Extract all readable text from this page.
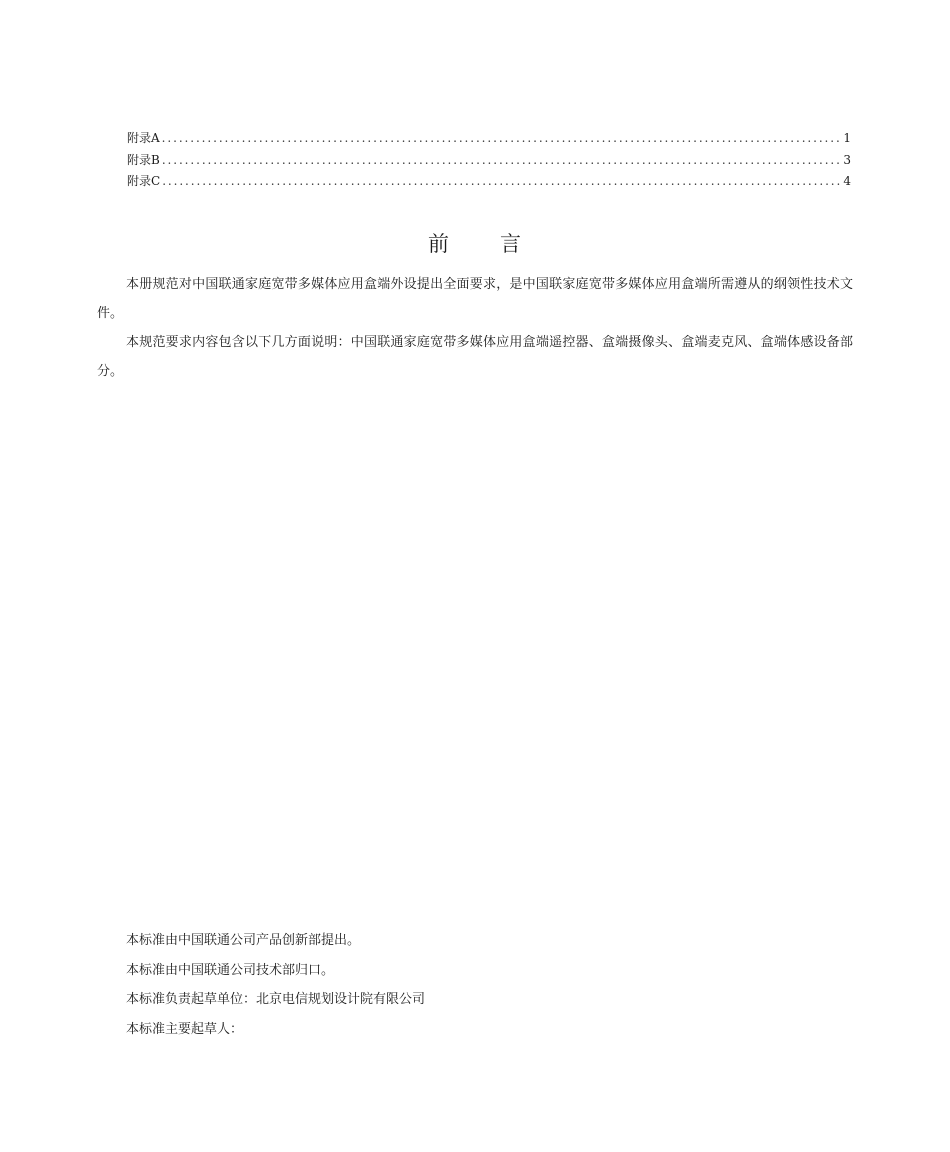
附录A .....	1
附录B .....	3
附录C .....	4
前 言

本册规范对中国联通家庭宽带多媒体应用盒端外设提出全面要求，是中国联家庭宽带多媒体应用盒端所需遵从的纲领性技术文件。

本规范要求内容包含以下几方面说明：中国联通家庭宽带多媒体应用盒端遥控器、盒端摄像头、盒端麦克风、盒端体感设备部分。

本标准由中国联通公司产品创新部提出。
本标准由中国联通公司技术部归口。
本标准负责起草单位：北京电信规划设计院有限公司
本标准主要起草人：
